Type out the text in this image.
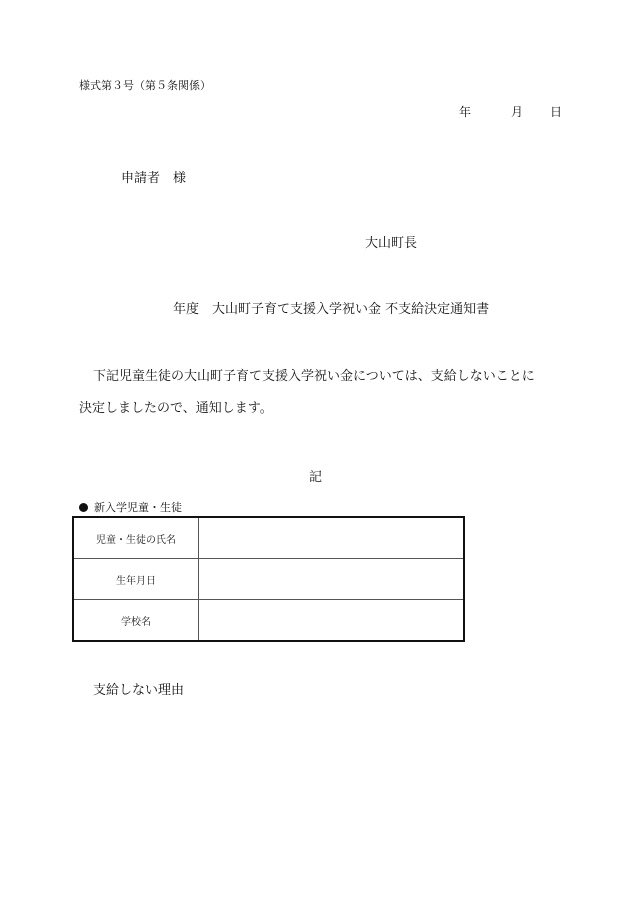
様式第３号（第５条関係）
年	月 日
申請者　様
大山町長
年度　大山町子育て支援入学祝い金 不支給決定通知書
下記児童生徒の大山町子育て支援入学祝い金については、支給しないことに
決定しましたので、通知します。
記
新入学児童・生徒
児童・生徒の氏名	
生年月日	
学校名	
支給しない理由
